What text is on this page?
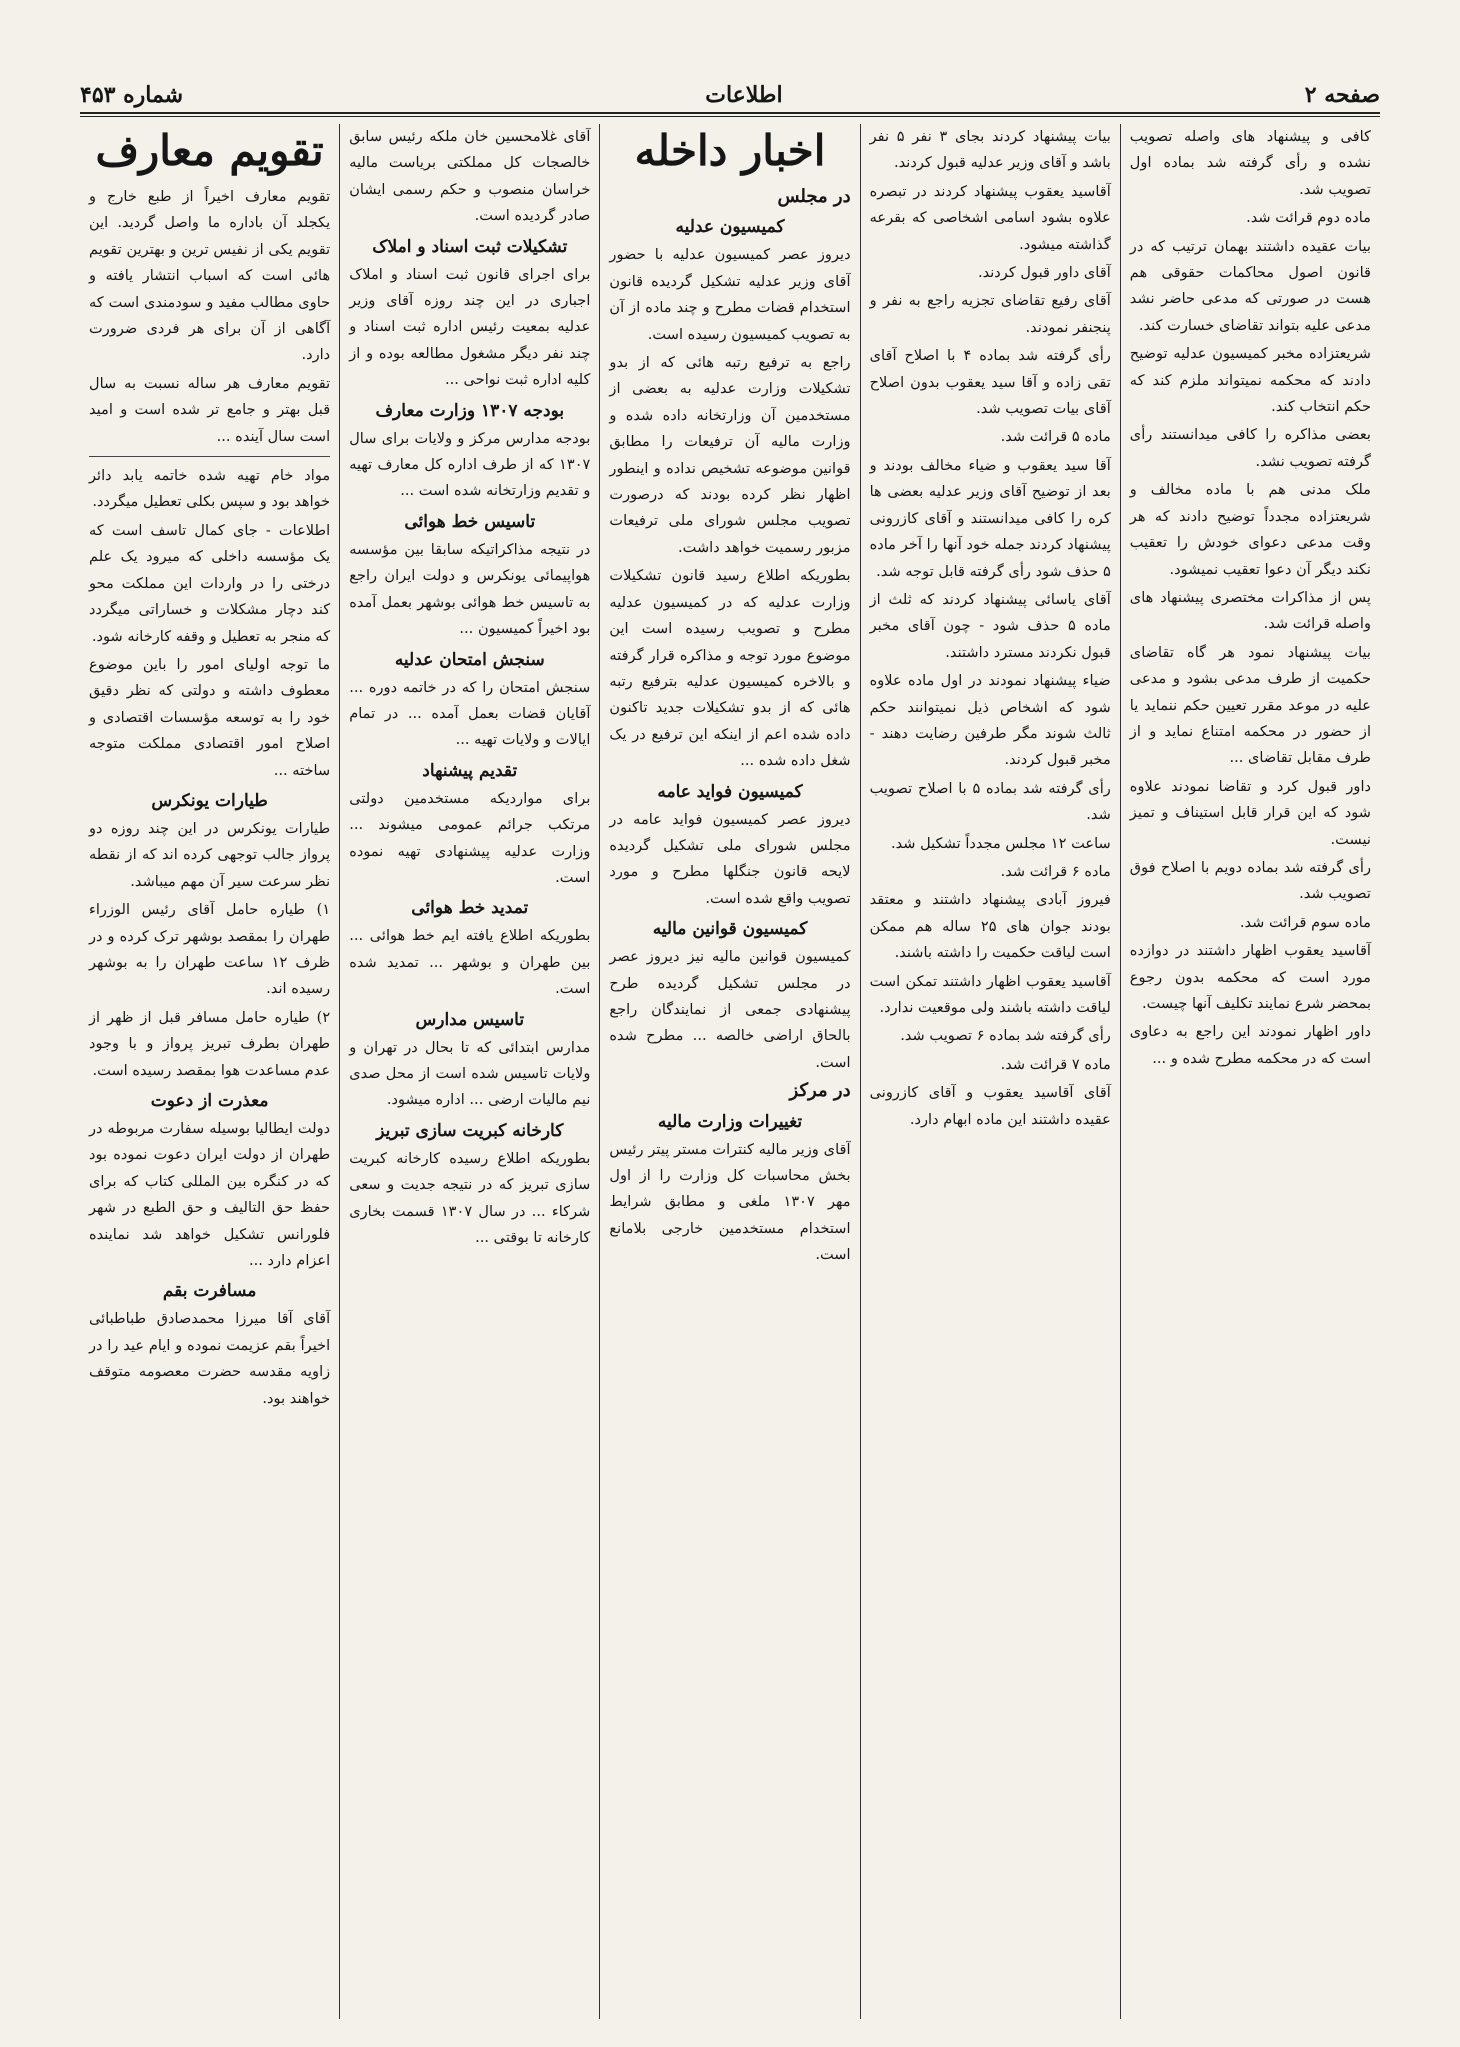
صفحه ۲
اطلاعات
شماره ۴۵۳

کافی و پیشنهاد های واصله تصویب نشده و رأی گرفته شد بماده اول تصویب شد.

ماده دوم قرائت شد.

بیات عقیده داشتند بهمان ترتیب که در قانون اصول محاکمات حقوقی هم هست در صورتی که مدعی حاضر نشد مدعی علیه بتواند تقاضای خسارت کند.

شریعتزاده مخبر کمیسیون عدلیه توضیح دادند که محکمه نمیتواند ملزم کند که حکم انتخاب کند.

بعضی مذاکره را کافی میدانستند رأی گرفته تصویب نشد.

ملک مدنی هم با ماده مخالف و شریعتزاده مجدداً توضیح دادند که هر وقت مدعی دعوای خودش را تعقیب نکند دیگر آن دعوا تعقیب نمیشود.

پس از مذاکرات مختصری پیشنهاد های واصله قرائت شد.

بیات پیشنهاد نمود هر گاه تقاضای حکمیت از طرف مدعی بشود و مدعی علیه در موعد مقرر تعیین حکم ننماید یا از حضور در محکمه امتناع نماید و از طرف مقابل تقاضای ...

داور قبول کرد و تقاضا نمودند علاوه شود که این قرار قابل استیناف و تمیز نیست.

رأی گرفته شد بماده دویم با اصلاح فوق تصویب شد.

ماده سوم قرائت شد.

آقاسید یعقوب اظهار داشتند در دوازده مورد است که محکمه بدون رجوع بمحضر شرع نمایند تکلیف آنها چیست.

داور اظهار نمودند این راجع به دعاوی است که در محکمه مطرح شده و ...

بیات پیشنهاد کردند بجای ۳ نفر ۵ نفر باشد و آقای وزیر عدلیه قبول کردند.

آقاسید یعقوب پیشنهاد کردند در تبصره علاوه بشود اسامی اشخاصی که بقرعه گذاشته میشود.

آقای داور قبول کردند.

آقای رفیع تقاضای تجزیه راجع به نفر و پنجنفر نمودند.

رأی گرفته شد بماده ۴ با اصلاح آقای تقی زاده و آقا سید یعقوب بدون اصلاح آقای بیات تصویب شد.

ماده ۵ قرائت شد.

آقا سید یعقوب و ضیاء مخالف بودند و بعد از توضیح آقای وزیر عدلیه بعضی ها کره را کافی میدانستند و آقای کازرونی پیشنهاد کردند جمله خود آنها را آخر ماده ۵ حذف شود رأی گرفته قابل توجه شد.

آقای یاسائی پیشنهاد کردند که ثلث از ماده ۵ حذف شود - چون آقای مخبر قبول نکردند مسترد داشتند.

ضیاء پیشنهاد نمودند در اول ماده علاوه شود که اشخاص ذیل نمیتوانند حکم ثالث شوند مگر طرفین رضایت دهند - مخبر قبول کردند.

رأی گرفته شد بماده ۵ با اصلاح تصویب شد.

ساعت ۱۲ مجلس مجدداً تشکیل شد.

ماده ۶ قرائت شد.

فیروز آبادی پیشنهاد داشتند و معتقد بودند جوان های ۲۵ ساله هم ممکن است لیاقت حکمیت را داشته باشند.

آقاسید یعقوب اظهار داشتند تمکن است لیاقت داشته باشند ولی موقعیت ندارد.

رأی گرفته شد بماده ۶ تصویب شد.

ماده ۷ قرائت شد.

آقای آقاسید یعقوب و آقای کازرونی عقیده داشتند این ماده ابهام دارد.

اخبار داخله
در مجلس
کمیسیون عدلیه

دیروز عصر کمیسیون عدلیه با حضور آقای وزیر عدلیه تشکیل گردیده قانون استخدام قضات مطرح و چند ماده از آن به تصویب کمیسیون رسیده است.

راجع به ترفیع رتبه هائی که از بدو تشکیلات وزارت عدلیه به بعضی از مستخدمین آن وزارتخانه داده شده و وزارت مالیه آن ترفیعات را مطابق قوانین موضوعه تشخیص نداده و اینطور اظهار نظر کرده بودند که درصورت تصویب مجلس شورای ملی ترفیعات مزبور رسمیت خواهد داشت.

بطوریکه اطلاع رسید قانون تشکیلات وزارت عدلیه که در کمیسیون عدلیه مطرح و تصویب رسیده است این موضوع مورد توجه و مذاکره قرار گرفته و بالاخره کمیسیون عدلیه بترفیع رتبه هائی که از بدو تشکیلات جدید تاکنون داده شده اعم از اینکه این ترفیع در یک شغل داده شده ...

کمیسیون فواید عامه

دیروز عصر کمیسیون فواید عامه در مجلس شورای ملی تشکیل گردیده لایحه قانون جنگلها مطرح و مورد تصویب واقع شده است.

کمیسیون قوانین مالیه

کمیسیون قوانین مالیه نیز دیروز عصر در مجلس تشکیل گردیده طرح پیشنهادی جمعی از نمایندگان راجع بالحاق اراضی خالصه ... مطرح شده است.

در مرکز
تغییرات وزارت مالیه

آقای وزیر مالیه کنترات مستر پیتر رئیس بخش محاسبات کل وزارت را از اول مهر ۱۳۰۷ ملغی و مطابق شرایط استخدام مستخدمین خارجی بلامانع است.

آقای غلامحسین خان ملکه رئیس سابق خالصجات کل مملکتی بریاست مالیه خراسان منصوب و حکم رسمی ایشان صادر گردیده است.

تشکیلات ثبت اسناد و املاک

برای اجرای قانون ثبت اسناد و املاک اجباری در این چند روزه آقای وزیر عدلیه بمعیت رئیس اداره ثبت اسناد و چند نفر دیگر مشغول مطالعه بوده و از کلیه اداره ثبت نواحی ...

بودجه ۱۳۰۷ وزارت معارف

بودجه مدارس مرکز و ولایات برای سال ۱۳۰۷ که از طرف اداره کل معارف تهیه و تقدیم وزارتخانه شده است ...

تاسیس خط هوائی

در نتیجه مذاکراتیکه سابقا بین مؤسسه هواپیمائی یونکرس و دولت ایران راجع به تاسیس خط هوائی بوشهر بعمل آمده بود اخیراً کمیسیون ...

سنجش امتحان عدلیه

سنجش امتحان را که در خاتمه دوره ... آقایان قضات بعمل آمده ... در تمام ایالات و ولایات تهیه ...

تقدیم پیشنهاد

برای مواردیکه مستخدمین دولتی مرتکب جرائم عمومی میشوند ... وزارت عدلیه پیشنهادی تهیه نموده است.

تمدید خط هوائی

بطوریکه اطلاع یافته ایم خط هوائی ... بین طهران و بوشهر ... تمدید شده است.

تاسیس مدارس

مدارس ابتدائی که تا بحال در تهران و ولایات تاسیس شده است از محل صدی نیم مالیات ارضی ... اداره میشود.

کارخانه کبریت سازی تبریز

بطوریکه اطلاع رسیده کارخانه کبریت سازی تبریز که در نتیجه جدیت و سعی شرکاء ... در سال ۱۳۰۷ قسمت بخاری کارخانه تا بوقتی ...

تقویم معارف

تقویم معارف اخیراً از طبع خارج و یکجلد آن باداره ما واصل گردید. این تقویم یکی از نفیس ترین و بهترین تقویم هائی است که اسباب انتشار یافته و حاوی مطالب مفید و سودمندی است که آگاهی از آن برای هر فردی ضرورت دارد.

تقویم معارف هر ساله نسبت به سال قبل بهتر و جامع تر شده است و امید است سال آینده ...

مواد خام تهیه شده خاتمه یابد دائر خواهد بود و سپس بکلی تعطیل میگردد.

اطلاعات - جای کمال تاسف است که یک مؤسسه داخلی که میرود یک علم درختی را در واردات این مملکت محو کند دچار مشکلات و خساراتی میگردد که منجر به تعطیل و وقفه کارخانه شود.

ما توجه اولیای امور را باین موضوع معطوف داشته و دولتی که نظر دقیق خود را به توسعه مؤسسات اقتصادی و اصلاح امور اقتصادی مملکت متوجه ساخته ...

طیارات یونکرس

طیارات یونکرس در این چند روزه دو پرواز جالب توجهی کرده اند که از نقطه نظر سرعت سیر آن مهم میباشد.

۱) طیاره حامل آقای رئیس الوزراء طهران را بمقصد بوشهر ترک کرده و در ظرف ۱۲ ساعت طهران را به بوشهر رسیده اند.

۲) طیاره حامل مسافر قبل از ظهر از طهران بطرف تبریز پرواز و با وجود عدم مساعدت هوا بمقصد رسیده است.

معذرت از دعوت

دولت ایطالیا بوسیله سفارت مربوطه در طهران از دولت ایران دعوت نموده بود که در کنگره بین المللی کتاب که برای حفظ حق التالیف و حق الطبع در شهر فلورانس تشکیل خواهد شد نماینده اعزام دارد ...

مسافرت بقم

آقای آقا میرزا محمدصادق طباطبائی اخیراً بقم عزیمت نموده و ایام عید را در زاویه مقدسه حضرت معصومه متوقف خواهند بود.
